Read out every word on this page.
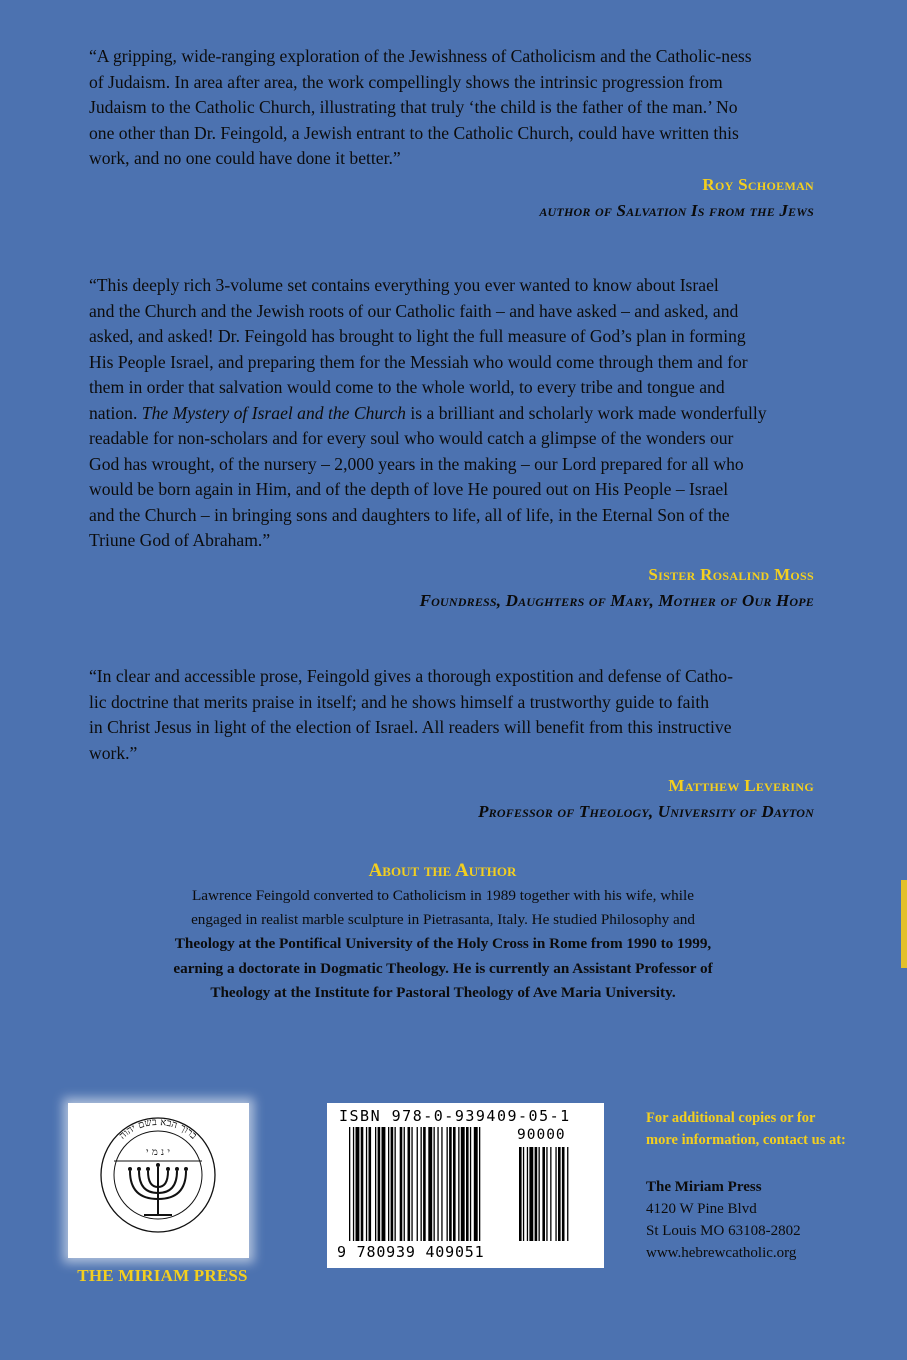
“A gripping, wide-ranging exploration of the Jewishness of Catholicism and the Catholic-ness
of Judaism. In area after area, the work compellingly shows the intrinsic progression from
Judaism to the Catholic Church, illustrating that truly ‘the child is the father of the man.’ No
one other than Dr. Feingold, a Jewish entrant to the Catholic Church, could have written this
work, and no one could have done it better.”
Roy Schoeman
author of Salvation Is from the Jews
“This deeply rich 3-volume set contains everything you ever wanted to know about Israel
and the Church and the Jewish roots of our Catholic faith – and have asked – and asked, and
asked, and asked! Dr. Feingold has brought to light the full measure of God’s plan in forming
His People Israel, and preparing them for the Messiah who would come through them and for
them in order that salvation would come to the whole world, to every tribe and tongue and
nation. The Mystery of Israel and the Church is a brilliant and scholarly work made wonderfully
readable for non-scholars and for every soul who would catch a glimpse of the wonders our
God has wrought, of the nursery – 2,000 years in the making – our Lord prepared for all who
would be born again in Him, and of the depth of love He poured out on His People – Israel
and the Church – in bringing sons and daughters to life, all of life, in the Eternal Son of the
Triune God of Abraham.”
Sister Rosalind Moss
Foundress, Daughters of Mary, Mother of Our Hope
“In clear and accessible prose, Feingold gives a thorough expostition and defense of Catho-
lic doctrine that merits praise in itself; and he shows himself a trustworthy guide to faith
in Christ Jesus in light of the election of Israel. All readers will benefit from this instructive
work.”
Matthew Levering
Professor of Theology, University of Dayton
About the Author
Lawrence Feingold converted to Catholicism in 1989 together with his wife, while
engaged in realist marble sculpture in Pietrasanta, Italy. He studied Philosophy and
Theology at the Pontifical University of the Holy Cross in Rome from 1990 to 1999,
earning a doctorate in Dogmatic Theology. He is currently an Assistant Professor of
Theology at the Institute for Pastoral Theology of Ave Maria University.
ברוך הבא בשם יהוה
י נ מ י
THE MIRIAM PRESS
ISBN 978-0-939409-05-1
90000
9 780939 409051
For additional copies or for
more information, contact us at:
The Miriam Press
4120 W Pine Blvd
St Louis MO 63108-2802
www.hebrewcatholic.org
